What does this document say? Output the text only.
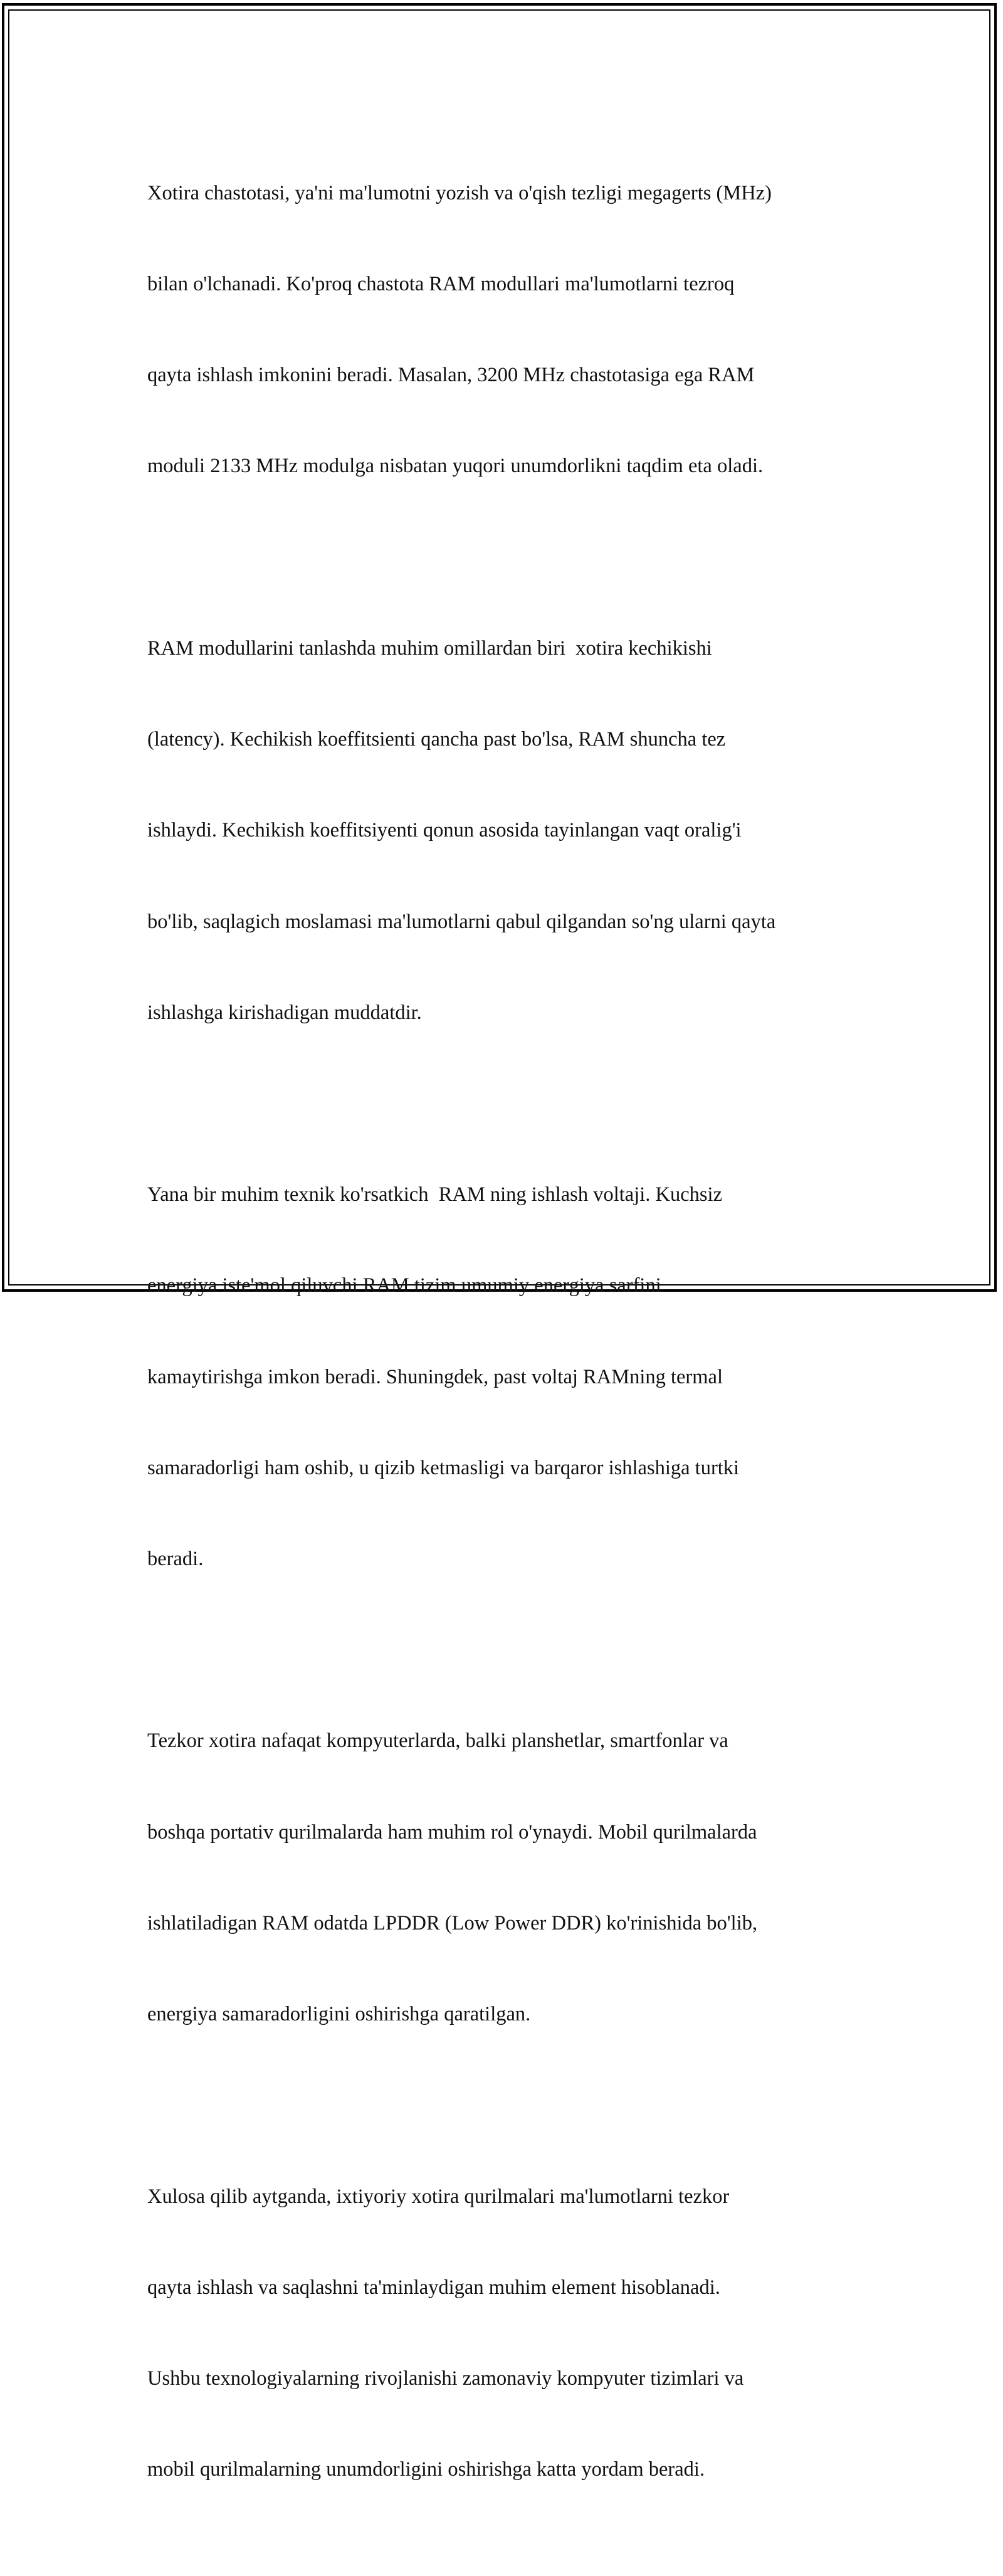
Xotira chastotasi, ya'ni ma'lumotni yozish va o'qish tezligi megagerts (MHz)

bilan o'lchanadi. Ko'proq chastota RAM modullari ma'lumotlarni tezroq

qayta ishlash imkonini beradi. Masalan, 3200 MHz chastotasiga ega RAM

moduli 2133 MHz modulga nisbatan yuqori unumdorlikni taqdim eta oladi.

RAM modullarini tanlashda muhim omillardan biri  xotira kechikishi

(latency). Kechikish koeffitsienti qancha past bo'lsa, RAM shuncha tez

ishlaydi. Kechikish koeffitsiyenti qonun asosida tayinlangan vaqt oralig'i

bo'lib, saqlagich moslamasi ma'lumotlarni qabul qilgandan so'ng ularni qayta

ishlashga kirishadigan muddatdir.

Yana bir muhim texnik ko'rsatkich  RAM ning ishlash voltaji. Kuchsiz

energiya iste'mol qiluvchi RAM tizim umumiy energiya sarfini

kamaytirishga imkon beradi. Shuningdek, past voltaj RAMning termal

samaradorligi ham oshib, u qizib ketmasligi va barqaror ishlashiga turtki

beradi.

Tezkor xotira nafaqat kompyuterlarda, balki planshetlar, smartfonlar va

boshqa portativ qurilmalarda ham muhim rol o'ynaydi. Mobil qurilmalarda

ishlatiladigan RAM odatda LPDDR (Low Power DDR) ko'rinishida bo'lib,

energiya samaradorligini oshirishga qaratilgan.

Xulosa qilib aytganda, ixtiyoriy xotira qurilmalari ma'lumotlarni tezkor

qayta ishlash va saqlashni ta'minlaydigan muhim element hisoblanadi.

Ushbu texnologiyalarning rivojlanishi zamonaviy kompyuter tizimlari va

mobil qurilmalarning unumdorligini oshirishga katta yordam beradi.
